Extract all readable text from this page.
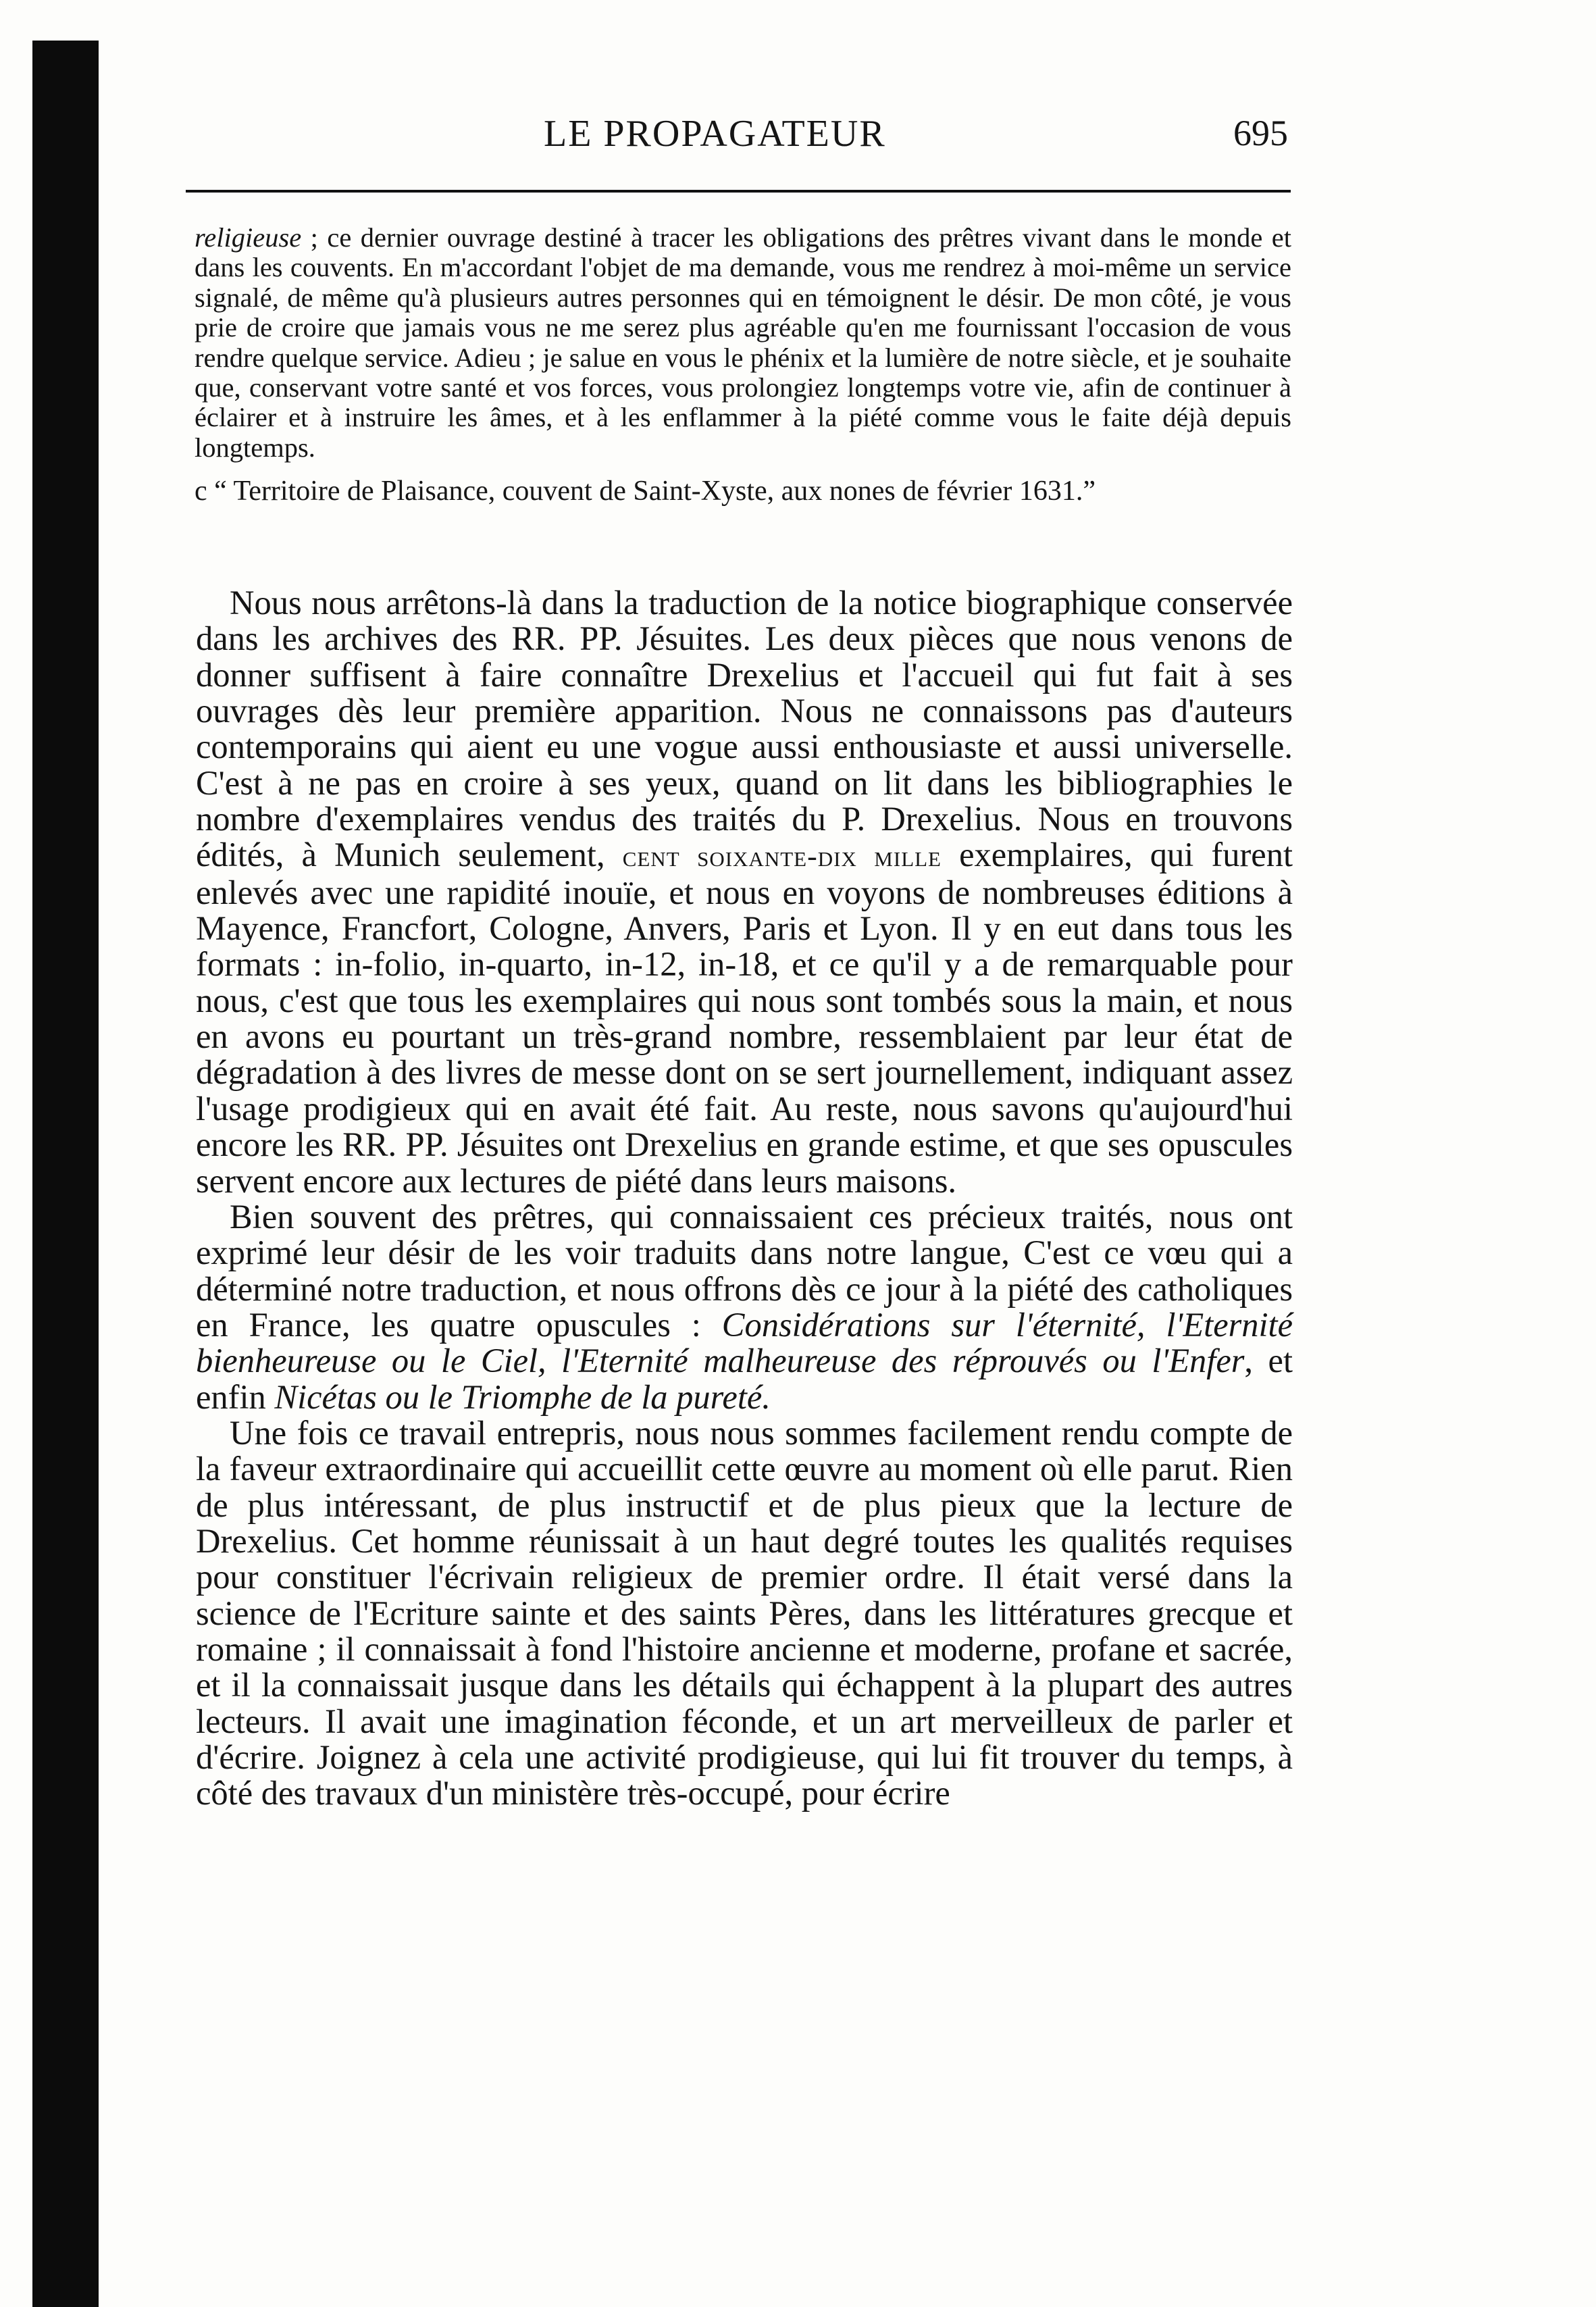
LE PROPAGATEUR	695

religieuse ; ce dernier ouvrage destiné à tracer les obligations des prêtres vivant dans le monde et dans les couvents. En m'accordant l'objet de ma demande, vous me rendrez à moi-même un service signalé, de même qu'à plusieurs autres personnes qui en témoignent le désir. De mon côté, je vous prie de croire que jamais vous ne me serez plus agréable qu'en me fournissant l'occasion de vous rendre quelque service. Adieu ; je salue en vous le phénix et la lumière de notre siècle, et je souhaite que, conservant votre santé et vos forces, vous prolongiez longtemps votre vie, afin de continuer à éclairer et à instruire les âmes, et à les enflammer à la piété comme vous le faite déjà depuis longtemps.

c “ Territoire de Plaisance, couvent de Saint-Xyste, aux nones de février 1631.”

Nous nous arrêtons-là dans la traduction de la notice biographique conservée dans les archives des RR. PP. Jésuites. Les deux pièces que nous venons de donner suffisent à faire connaître Drexelius et l'accueil qui fut fait à ses ouvrages dès leur première apparition. Nous ne connaissons pas d'auteurs contemporains qui aient eu une vogue aussi enthousiaste et aussi universelle. C'est à ne pas en croire à ses yeux, quand on lit dans les bibliographies le nombre d'exemplaires vendus des traités du P. Drexelius. Nous en trouvons édités, à Munich seulement, cent soixante-dix mille exemplaires, qui furent enlevés avec une rapidité inouïe, et nous en voyons de nombreuses éditions à Mayence, Francfort, Cologne, Anvers, Paris et Lyon. Il y en eut dans tous les formats : in-folio, in-quarto, in-12, in-18, et ce qu'il y a de remarquable pour nous, c'est que tous les exemplaires qui nous sont tombés sous la main, et nous en avons eu pourtant un très-grand nombre, ressemblaient par leur état de dégradation à des livres de messe dont on se sert journellement, indiquant assez l'usage prodigieux qui en avait été fait. Au reste, nous savons qu'aujourd'hui encore les RR. PP. Jésuites ont Drexelius en grande estime, et que ses opuscules servent encore aux lectures de piété dans leurs maisons.

Bien souvent des prêtres, qui connaissaient ces précieux traités, nous ont exprimé leur désir de les voir traduits dans notre langue, C'est ce vœu qui a déterminé notre traduction, et nous offrons dès ce jour à la piété des catholiques en France, les quatre opuscules : Considérations sur l'éternité, l'Eternité bienheureuse ou le Ciel, l'Eternité malheureuse des réprouvés ou l'Enfer, et enfin Nicétas ou le Triomphe de la pureté.

Une fois ce travail entrepris, nous nous sommes facilement rendu compte de la faveur extraordinaire qui accueillit cette œuvre au moment où elle parut. Rien de plus intéressant, de plus instructif et de plus pieux que la lecture de Drexelius. Cet homme réunissait à un haut degré toutes les qualités requises pour constituer l'écrivain religieux de premier ordre. Il était versé dans la science de l'Ecriture sainte et des saints Pères, dans les littératures grecque et romaine ; il connaissait à fond l'histoire ancienne et moderne, profane et sacrée, et il la connaissait jusque dans les détails qui échappent à la plupart des autres lecteurs. Il avait une imagination féconde, et un art merveilleux de parler et d'écrire. Joignez à cela une activité prodigieuse, qui lui fit trouver du temps, à côté des travaux d'un ministère très-occupé, pour écrire
